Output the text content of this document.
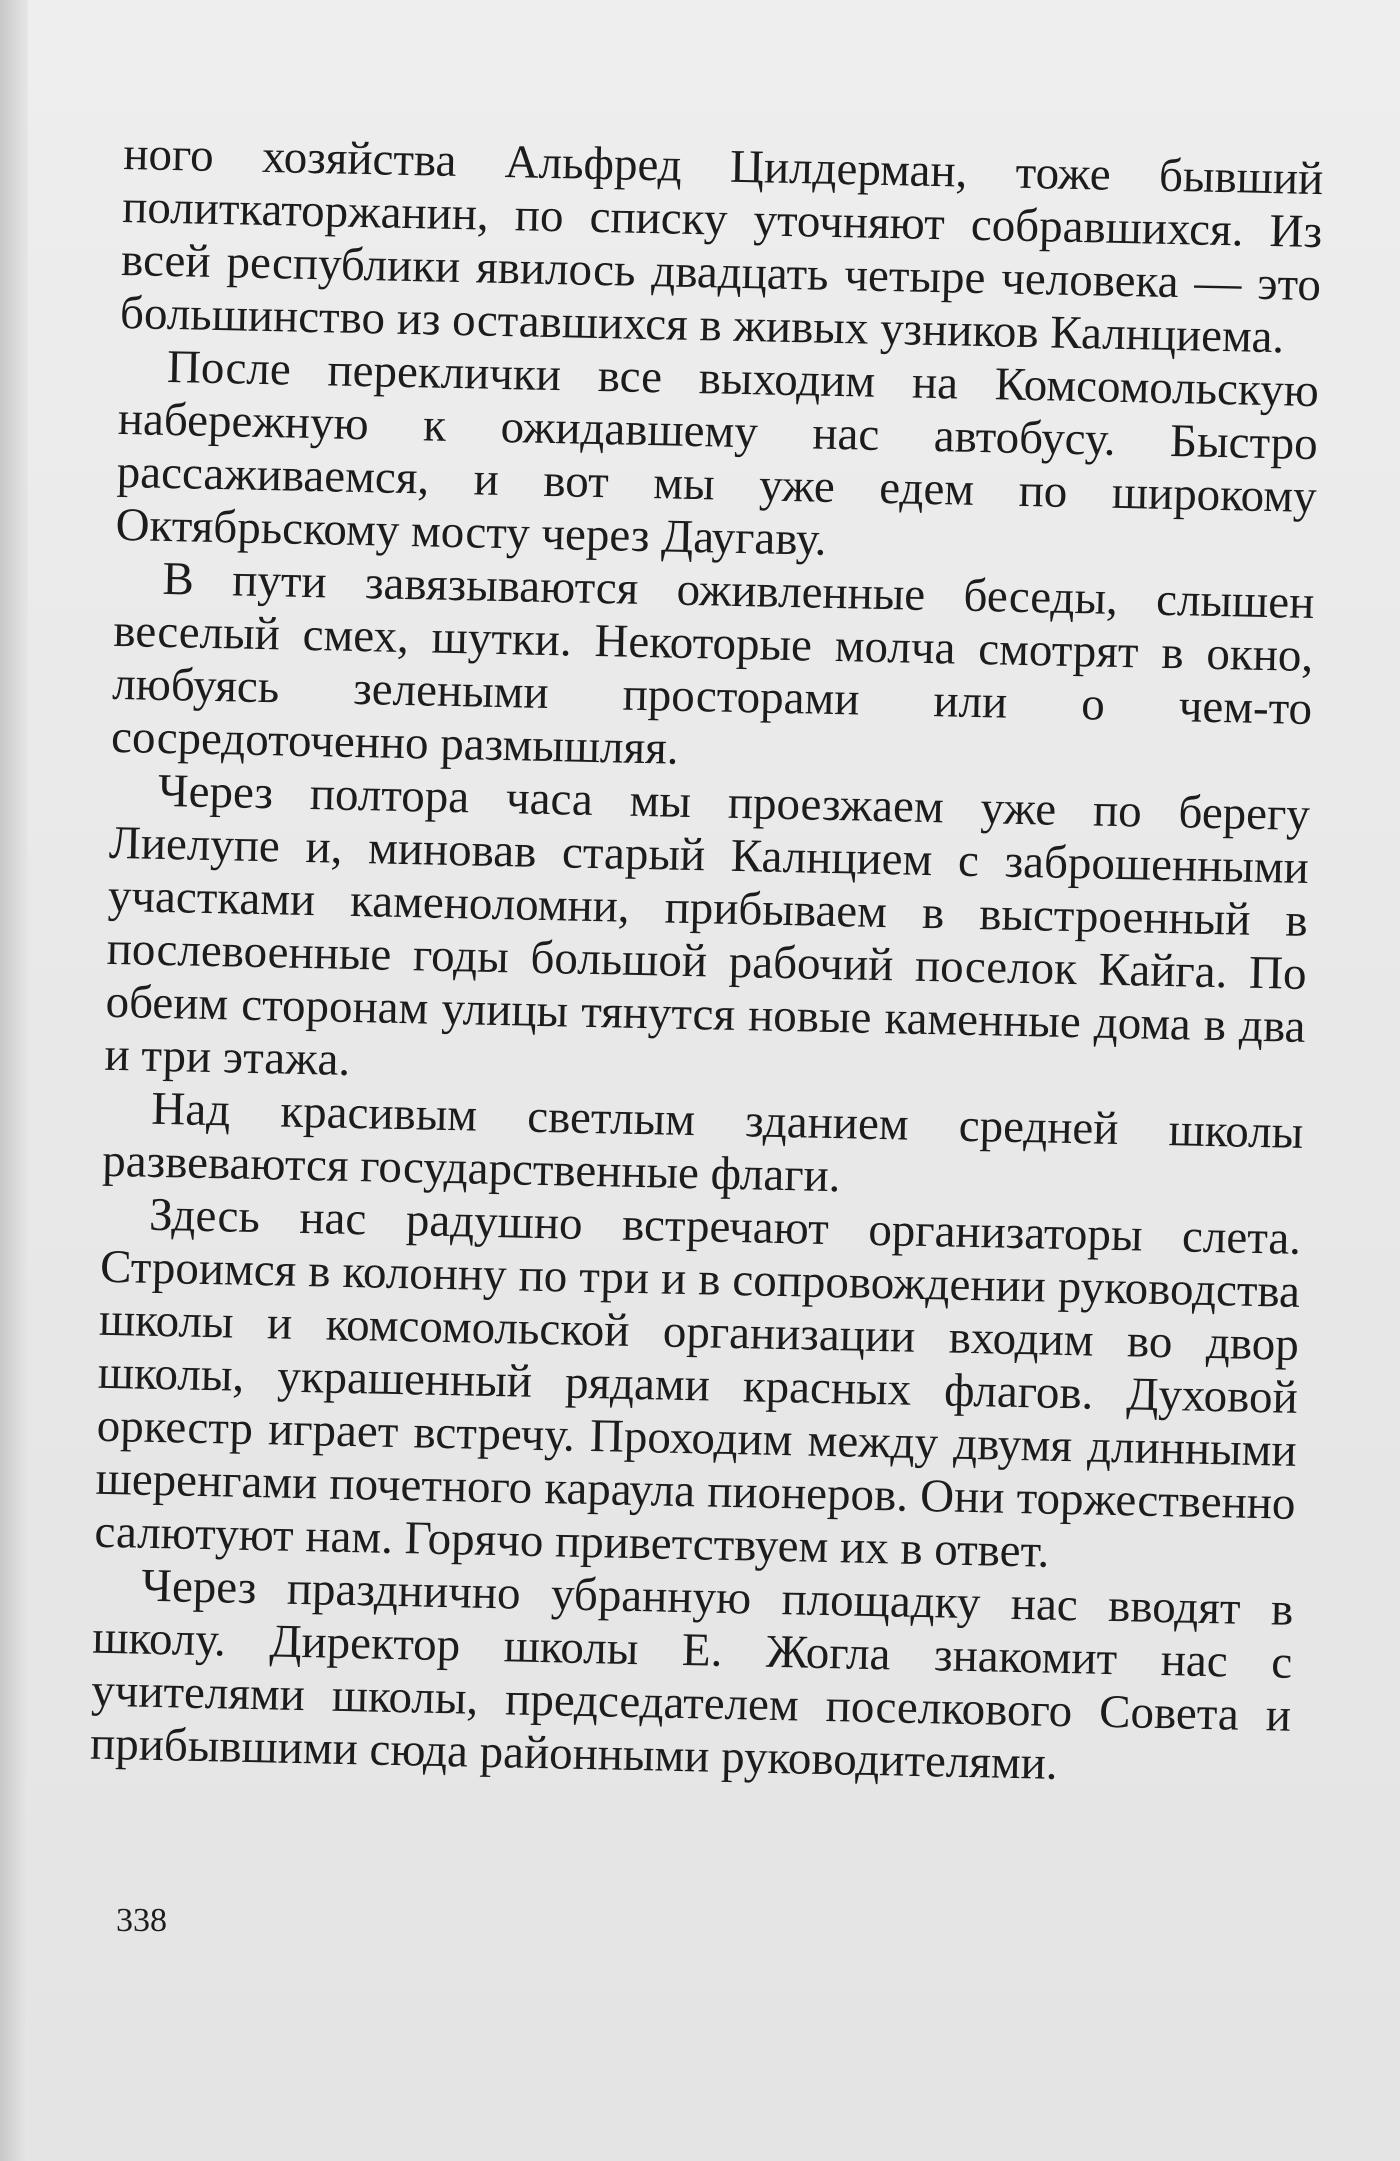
ного хозяйства Альфред Цилдерман, тоже бывший политкаторжанин, по списку уточняют собравшихся. Из всей республики явилось двадцать четыре человека — это большинство из оставшихся в живых узников Калнциема.

После переклички все выходим на Комсомольскую набережную к ожидавшему нас автобусу. Быстро рассаживаемся, и вот мы уже едем по широкому Октябрьскому мосту через Даугаву.

В пути завязываются оживленные беседы, слышен веселый смех, шутки. Некоторые молча смотрят в окно, любуясь зелеными просторами или о чем-то сосредоточенно размышляя.

Через полтора часа мы проезжаем уже по берегу Лиелупе и, миновав старый Калнцием с заброшенными участками каменоломни, прибываем в выстроенный в послевоенные годы большой рабочий поселок Кайга. По обеим сторонам улицы тянутся новые каменные дома в два и три этажа.

Над красивым светлым зданием средней школы развеваются государственные флаги.

Здесь нас радушно встречают организаторы слета. Строимся в колонну по три и в сопровождении руководства школы и комсомольской организации входим во двор школы, украшенный рядами красных флагов. Духовой оркестр играет встречу. Проходим между двумя длинными шеренгами почетного караула пионеров. Они торжественно салютуют нам. Горячо приветствуем их в ответ.

Через празднично убранную площадку нас вводят в школу. Директор школы Е. Жогла знакомит нас с учителями школы, председателем поселкового Совета и прибывшими сюда районными руководителями.

338
